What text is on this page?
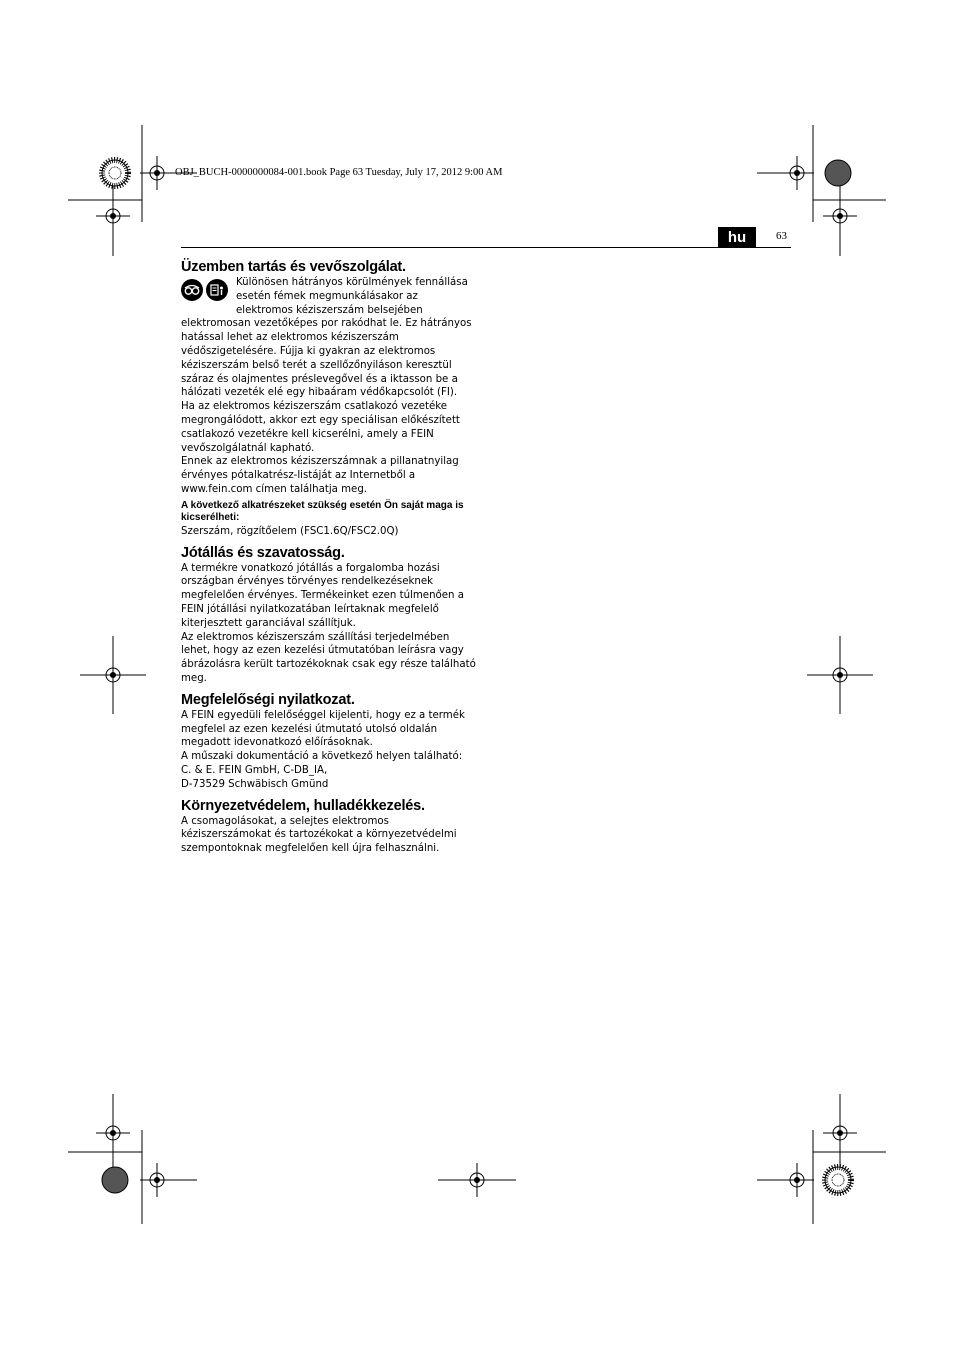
OBJ_BUCH-0000000084-001.book Page 63 Tuesday, July 17, 2012 9:00 AM
hu	63
Üzemben tartás és vevőszolgálat.

Különösen hátrányos körülmények fennállása

esetén fémek megmunkálásakor az

elektromos kéziszerszám belsejében

elektromosan vezetőképes por rakódhat le. Ez hátrányos hatással lehet az elektromos kéziszerszám védőszigetelésére. Fújja ki gyakran az elektromos kéziszerszám belső terét a szellőzőnyiláson keresztül száraz és olajmentes préslevegővel és a iktasson be a hálózati vezeték elé egy hibaáram védőkapcsolót (FI).

Ha az elektromos kéziszerszám csatlakozó vezetéke megrongálódott, akkor ezt egy speciálisan előkészített csatlakozó vezetékre kell kicserélni, amely a FEIN vevőszolgálatnál kapható.

Ennek az elektromos kéziszerszámnak a pillanatnyilag érvényes pótalkatrész-listáját az Internetből a www.fein.com címen találhatja meg.

A következő alkatrészeket szükség esetén Ön saját maga is kicserélheti:

Szerszám, rögzítőelem (FSC1.6Q/FSC2.0Q)

Jótállás és szavatosság.

A termékre vonatkozó jótállás a forgalomba hozási országban érvényes törvényes rendelkezéseknek megfelelően érvényes. Termékeinket ezen túlmenően a FEIN jótállási nyilatkozatában leírtaknak megfelelő kiterjesztett garanciával szállítjuk.

Az elektromos kéziszerszám szállítási terjedelmében lehet, hogy az ezen kezelési útmutatóban leírásra vagy ábrázolásra került tartozékoknak csak egy része található meg.

Megfelelőségi nyilatkozat.

A FEIN egyedüli felelőséggel kijelenti, hogy ez a termék megfelel az ezen kezelési útmutató utolsó oldalán megadott idevonatkozó előírásoknak.

A műszaki dokumentáció a következő helyen található:

C. & E. FEIN GmbH, C-DB_IA,

D-73529 Schwäbisch Gmünd

Környezetvédelem, hulladékkezelés.

A csomagolásokat, a selejtes elektromos kéziszerszámokat és tartozékokat a környezetvédelmi szempontoknak megfelelően kell újra felhasználni.
